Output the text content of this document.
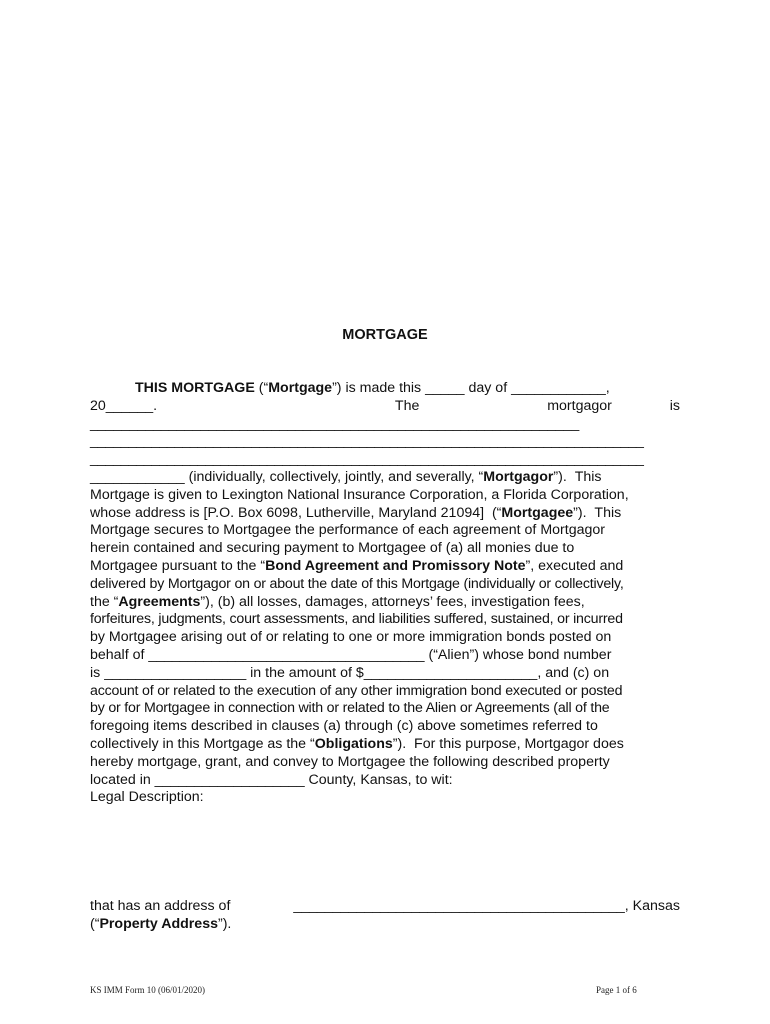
MORTGAGE
THIS MORTGAGE (“Mortgage”) is made this _____ day of ____________,
20______.	The	mortgagor	is
______________________________________________________________
________________________________________________________________________
________________________________________________________________________
____________ (individually, collectively, jointly, and severally, “Mortgagor”).  This
Mortgage is given to Lexington National Insurance Corporation, a Florida Corporation,
whose address is [P.O. Box 6098, Lutherville, Maryland 21094]  (“Mortgagee”).  This
Mortgage secures to Mortgagee the performance of each agreement of Mortgagor
herein contained and securing payment to Mortgagee of (a) all monies due to
Mortgagee pursuant to the “Bond Agreement and Promissory Note”, executed and
delivered by Mortgagor on or about the date of this Mortgage (individually or collectively,
the “Agreements”), (b) all losses, damages, attorneys’ fees, investigation fees,
forfeitures, judgments, court assessments, and liabilities suffered, sustained, or incurred
by Mortgagee arising out of or relating to one or more immigration bonds posted on
behalf of ___________________________________ (“Alien”) whose bond number
is __________________ in the amount of $______________________, and (c) on
account of or related to the execution of any other immigration bond executed or posted
by or for Mortgagee in connection with or related to the Alien or Agreements (all of the
foregoing items described in clauses (a) through (c) above sometimes referred to
collectively in this Mortgage as the “Obligations”).  For this purpose, Mortgagor does
hereby mortgage, grant, and convey to Mortgagee the following described property
located in ___________________ County, Kansas, to wit:
Legal Description:
that has an address of	__________________________________________, Kansas
(“Property Address”).
KS IMM Form 10 (06/01/2020)	Page 1 of 6
